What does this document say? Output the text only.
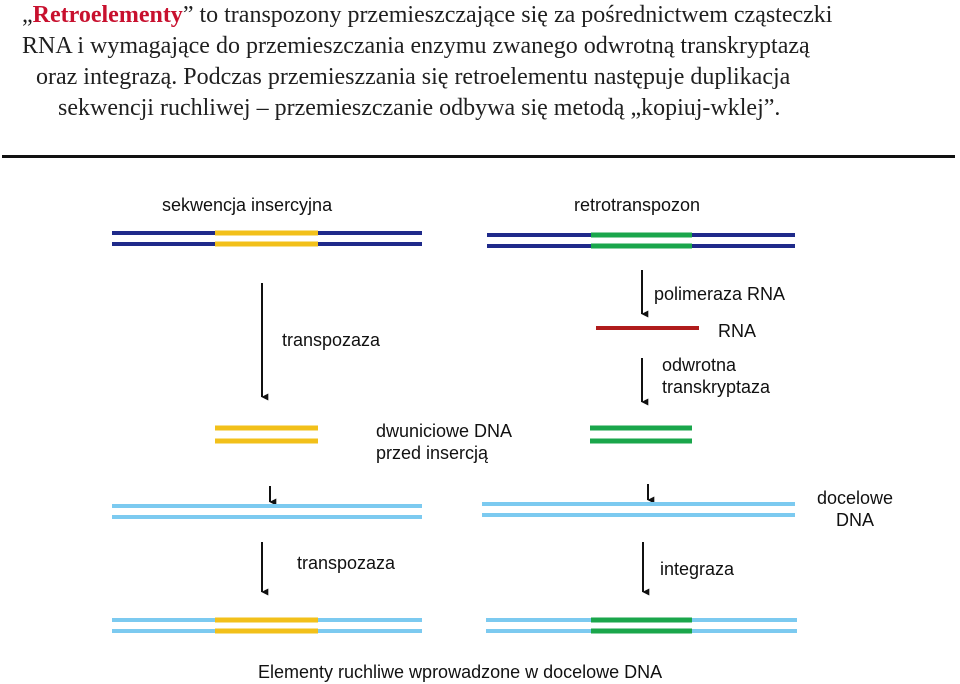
„Retroelementy” to transpozony przemieszczające się za pośrednictwem cząsteczki
RNA i wymagające do przemieszczania enzymu zwanego odwrotną transkryptazą
oraz integrazą. Podczas przemieszzania się retroelementu następuje duplikacja
sekwencji ruchliwej – przemieszczanie odbywa się metodą „kopiuj-wklej”.
sekwencja insercyjna	retrotranspozon
transpozaza
polimeraza RNA
RNA
odwrotna
transkryptaza
dwuniciowe DNA
przed insercją
docelowe
DNA
transpozaza	integraza
Elementy ruchliwe wprowadzone w docelowe DNA
